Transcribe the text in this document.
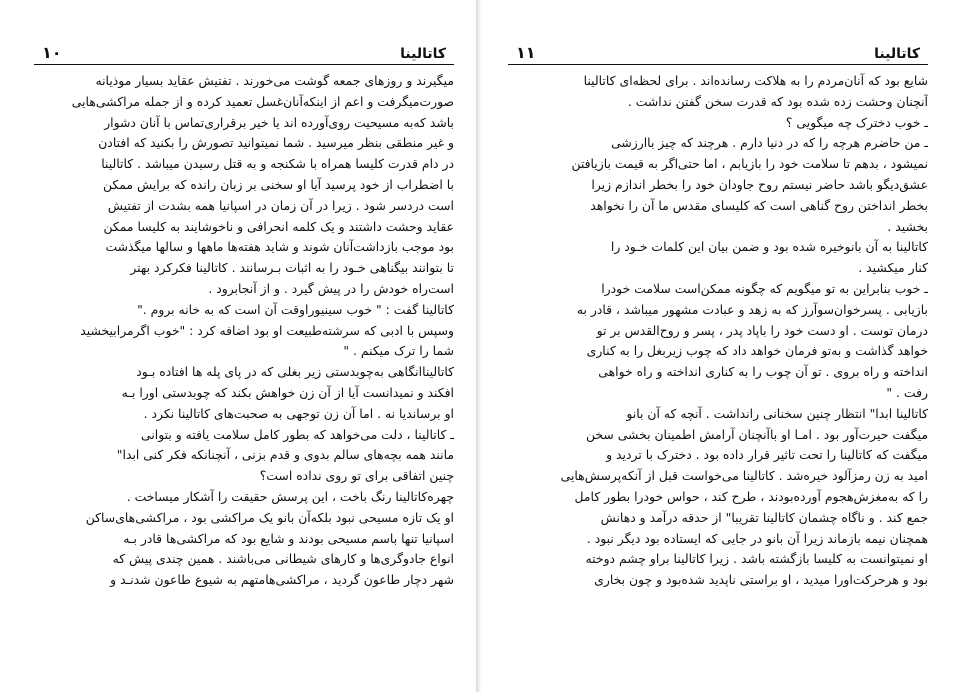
١٠	کاتالینا
میگیرند و روزهای جمعه گوشت می‌خورند . تفتیش عقاید بسیار موذیانه
صورت‌میگرفت و اعم از اینکه‌آنان‌غسل تعمید کرده و از جمله مراکشی‌هایی
باشد که‌به مسیحیت روی‌آورده اند یا خیر برقراری‌تماس با آنان دشوار
و غیر منطقی بنظر میرسید . شما نمیتوانید تصورش را بکنید که افتادن
در دام قدرت کلیسا همراه با شکنجه و به قتل رسیدن میباشد . کاتالینا
با اضطراب از خود پرسید آیا او سخنی بر زبان رانده که برایش ممکن
است دردسر شود . زیرا در آن زمان در اسپانیا همه بشدت از تفتیش
عقاید وحشت داشتند و یک کلمه انحرافی و ناخوشایند به کلیسا ممکن
بود موجب بازداشت‌آنان شوند و شاید هفته‌ها ماهها و سالها میگذشت
تا بتوانند بیگناهی خـود را به اثبات بـرسانند . کاتالینا فکرکرد بهتر
است‌راه خودش را در پیش گیرد . و از آنجابرود .
کاتالینا گفت : " خوب سینیوراوقت آن است که به خانه بروم ."
وسپس با ادبی که سرشته‌طبیعت او بود اضافه کرد : "خوب اگرمرابیخشید
شما را ترک میکنم . "
کاتالیناانگاهی به‌چوبدستی زیر بغلی که در پای پله ها افتاده بـود
افکند و نمیدانست آیا از آن زن خواهش بکند که چوبدستی اورا بـه
او برساندیا نه . اما آن زن توجهی به صحبت‌های کاتالینا نکرد .
ـ کاتالینا ، دلت می‌خواهد که بطور کامل سلامت یافته و بتوانی
مانند همه بچه‌های سالم بدوی و قدم بزنی ، آنچنانکه فکر کنی ابدا"
چنین اتفاقی برای تو روی نداده است؟
چهره‌کاتالینا رنگ باخت ، این پرسش حقیقت را آشکار میساخت .
او یک تازه مسیحی نبود بلکه‌آن بانو یک مراکشی بود ، مراکشی‌های‌ساکن
اسپانیا تنها باسم مسیحی بودند و شایع بود که مراکشی‌ها قادر بـه
انواع جادوگری‌ها و کارهای شیطانی می‌باشند . همین چندی پیش که
شهر دچار طاعون گردید ، مراکشی‌هامتهم به شیوع طاعون شدنـد و
١١	کاتالینا
شایع بود که آنان‌مردم را به هلاکت رسانده‌اند . برای لحظه‌ای کاتالینا
آنچنان وحشت زده شده بود که قدرت سخن گفتن نداشت .
ـ خوب دخترک چه میگویی ؟
ـ من حاضرم هرچه را که در دنیا دارم . هرچند که چیز باارزشی
نمیشود ، بدهم تا سلامت خود را بازیابم ، اما حتی‌اگر به قیمت بازیافتن
عشق‌دیگو باشد حاضر نیستم روح جاودان خود را بخطر اندازم زیرا
بخطر انداختن روح گناهی است که کلیسای مقدس ما آن را نخواهد
بخشید .
کاتالینا به آن بانوخیره شده بود و ضمن بیان این کلمات خـود را
کنار میکشید .
ـ خوب بنابراین به تو میگویم که چگونه ممکن‌است سلامت خودرا
بازیابی . پسرخوان‌سوآرز که به زهد و عبادت مشهور میباشد ، قادر به
درمان توست . او دست خود را باپاد پدر ، پسر و روح‌القدس بر تو
خواهد گذاشت و به‌تو فرمان خواهد داد که چوب زیربغل را به کناری
انداخته و راه بروی . تو آن چوب را به کناری انداخته و راه خواهی
رفت . "
کاتالینا ابدا" انتظار چنین سخنانی رانداشت . آنچه که آن بانو
میگفت حیرت‌آور بود . امـا او باآنچنان آرامش اطمینان بخشی سخن
میگفت که کاتالینا را تحت تاثیر قرار داده بود . دخترک با تردید و
امید به زن رمزآلود خیره‌شد . کاتالینا می‌خواست قبل از آنکه‌پرسش‌هایی
را که به‌مغزش‌هجوم آورده‌بودند ، طرح کند ، حواس خودرا بطور کامل
جمع کند . و ناگاه چشمان کاتالینا تقریبا" از حدقه درآمد و دهانش
همچنان نیمه بازماند زیرا آن بانو در جایی که ایستاده بود دیگر نبود .
او نمیتوانست به کلیسا بازگشته باشد . زیرا کاتالینا براو چشم دوخته
بود و هرحرکت‌اورا میدید ، او براستی ناپدید شده‌بود و چون بخاری
